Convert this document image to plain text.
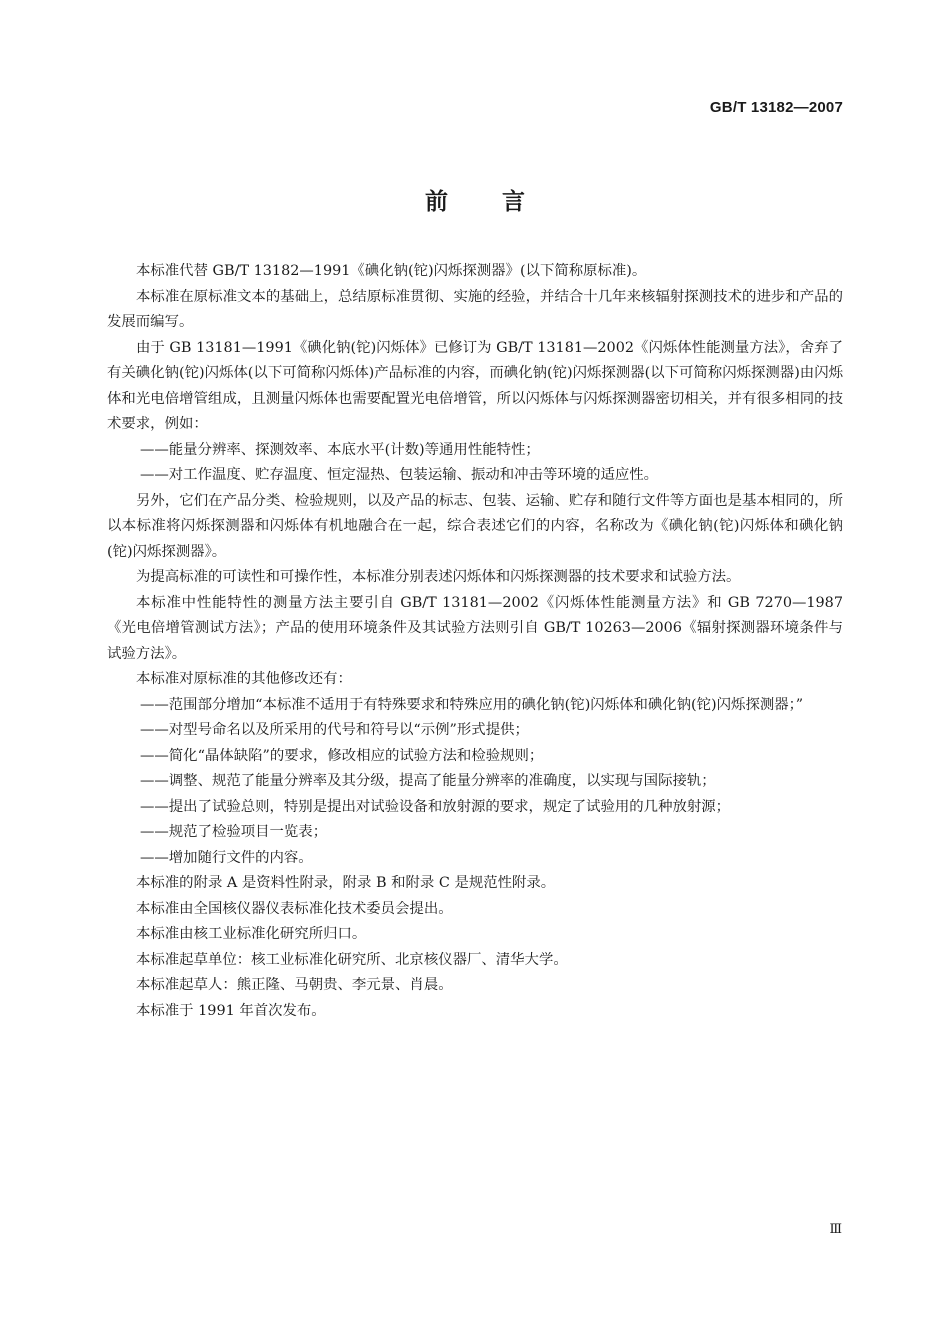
GB/T 13182—2007
前言

本标准代替 GB/T 13182—1991《碘化钠(铊)闪烁探测器》(以下简称原标准)。

本标准在原标准文本的基础上，总结原标准贯彻、实施的经验，并结合十几年来核辐射探测技术的进步和产品的发展而编写。

由于 GB 13181—1991《碘化钠(铊)闪烁体》已修订为 GB/T 13181—2002《闪烁体性能测量方法》，舍弃了有关碘化钠(铊)闪烁体(以下可简称闪烁体)产品标准的内容，而碘化钠(铊)闪烁探测器(以下可简称闪烁探测器)由闪烁体和光电倍增管组成，且测量闪烁体也需要配置光电倍增管，所以闪烁体与闪烁探测器密切相关，并有很多相同的技术要求，例如：

——能量分辨率、探测效率、本底水平(计数)等通用性能特性；

——对工作温度、贮存温度、恒定湿热、包装运输、振动和冲击等环境的适应性。

另外，它们在产品分类、检验规则，以及产品的标志、包装、运输、贮存和随行文件等方面也是基本相同的，所以本标准将闪烁探测器和闪烁体有机地融合在一起，综合表述它们的内容，名称改为《碘化钠(铊)闪烁体和碘化钠(铊)闪烁探测器》。

为提高标准的可读性和可操作性，本标准分别表述闪烁体和闪烁探测器的技术要求和试验方法。

本标准中性能特性的测量方法主要引自 GB/T 13181—2002《闪烁体性能测量方法》和 GB 7270—1987《光电倍增管测试方法》；产品的使用环境条件及其试验方法则引自 GB/T 10263—2006《辐射探测器环境条件与试验方法》。

本标准对原标准的其他修改还有：

——范围部分增加“本标准不适用于有特殊要求和特殊应用的碘化钠(铊)闪烁体和碘化钠(铊)闪烁探测器；”

——对型号命名以及所采用的代号和符号以“示例”形式提供；

——简化“晶体缺陷”的要求，修改相应的试验方法和检验规则；

——调整、规范了能量分辨率及其分级，提高了能量分辨率的准确度，以实现与国际接轨；

——提出了试验总则，特别是提出对试验设备和放射源的要求，规定了试验用的几种放射源；

——规范了检验项目一览表；

——增加随行文件的内容。

本标准的附录 A 是资料性附录，附录 B 和附录 C 是规范性附录。

本标准由全国核仪器仪表标准化技术委员会提出。

本标准由核工业标准化研究所归口。

本标准起草单位：核工业标准化研究所、北京核仪器厂、清华大学。

本标准起草人：熊正隆、马朝贵、李元景、肖晨。

本标准于 1991 年首次发布。

Ⅲ
